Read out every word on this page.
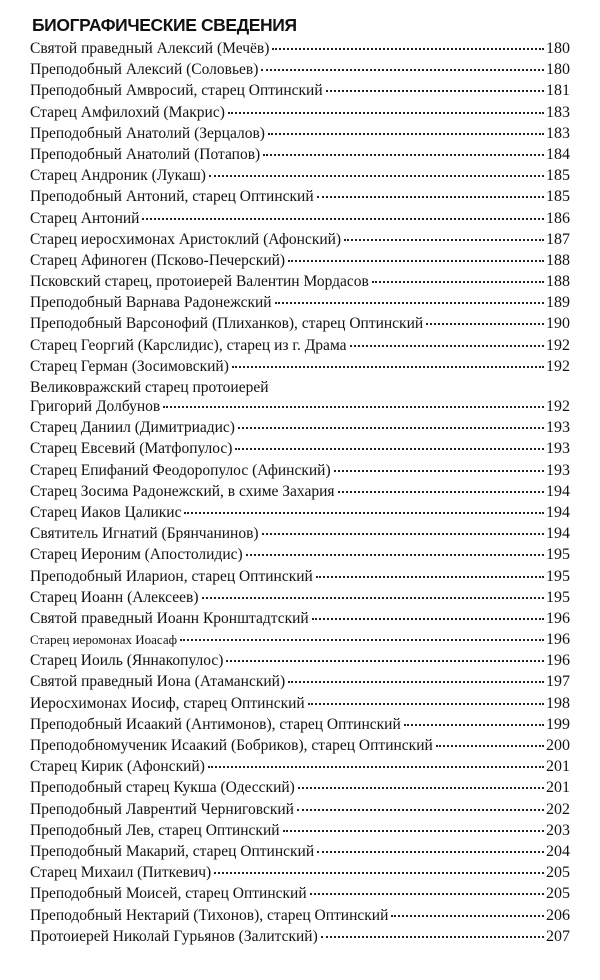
БИОГРАФИЧЕСКИЕ СВЕДЕНИЯ
Святой праведный Алексий (Мечёв)	180
Преподобный Алексий (Соловьев)	180
Преподобный Амвросий, старец Оптинский	181
Старец Амфилохий (Макрис)	183
Преподобный Анатолий (Зерцалов)	183
Преподобный Анатолий (Потапов)	184
Старец Андроник (Лукаш)	185
Преподобный Антоний, старец Оптинский	185
Старец Антоний	186
Старец иеросхимонах Аристоклий (Афонский)	187
Старец Афиноген (Псково-Печерский)	188
Псковский старец, протоиерей Валентин Мордасов	188
Преподобный Варнава Радонежский	189
Преподобный Варсонофий (Плиханков), старец Оптинский	190
Старец Георгий (Карслидис), старец из г. Драма	192
Старец Герман (Зосимовский)	192
Великовражский старец протоиерей
Григорий Долбунов	192
Старец Даниил (Димитриадис)	193
Старец Евсевий (Матфопулос)	193
Старец Епифаний Феодоропулос (Афинский)	193
Старец Зосима Радонежский, в схиме Захария	194
Старец Иаков Цаликис	194
Святитель Игнатий (Брянчанинов)	194
Старец Иероним (Апостолидис)	195
Преподобный Иларион, старец Оптинский	195
Старец Иоанн (Алексеев)	195
Святой праведный Иоанн Кронштадтский	196
Старец иеромонах Иоасаф	196
Старец Иоиль (Яннакопулос)	196
Святой праведный Иона (Атаманский)	197
Иеросхимонах Иосиф, старец Оптинский	198
Преподобный Исаакий (Антимонов), старец Оптинский	199
Преподобномученик Исаакий (Бобриков), старец Оптинский	200
Старец Кирик (Афонский)	201
Преподобный старец Кукша (Одесский)	201
Преподобный Лаврентий Черниговский	202
Преподобный Лев, старец Оптинский	203
Преподобный Макарий, старец Оптинский	204
Старец Михаил (Питкевич)	205
Преподобный Моисей, старец Оптинский	205
Преподобный Нектарий (Тихонов), старец Оптинский	206
Протоиерей Николай Гурьянов (Залитский)	207
